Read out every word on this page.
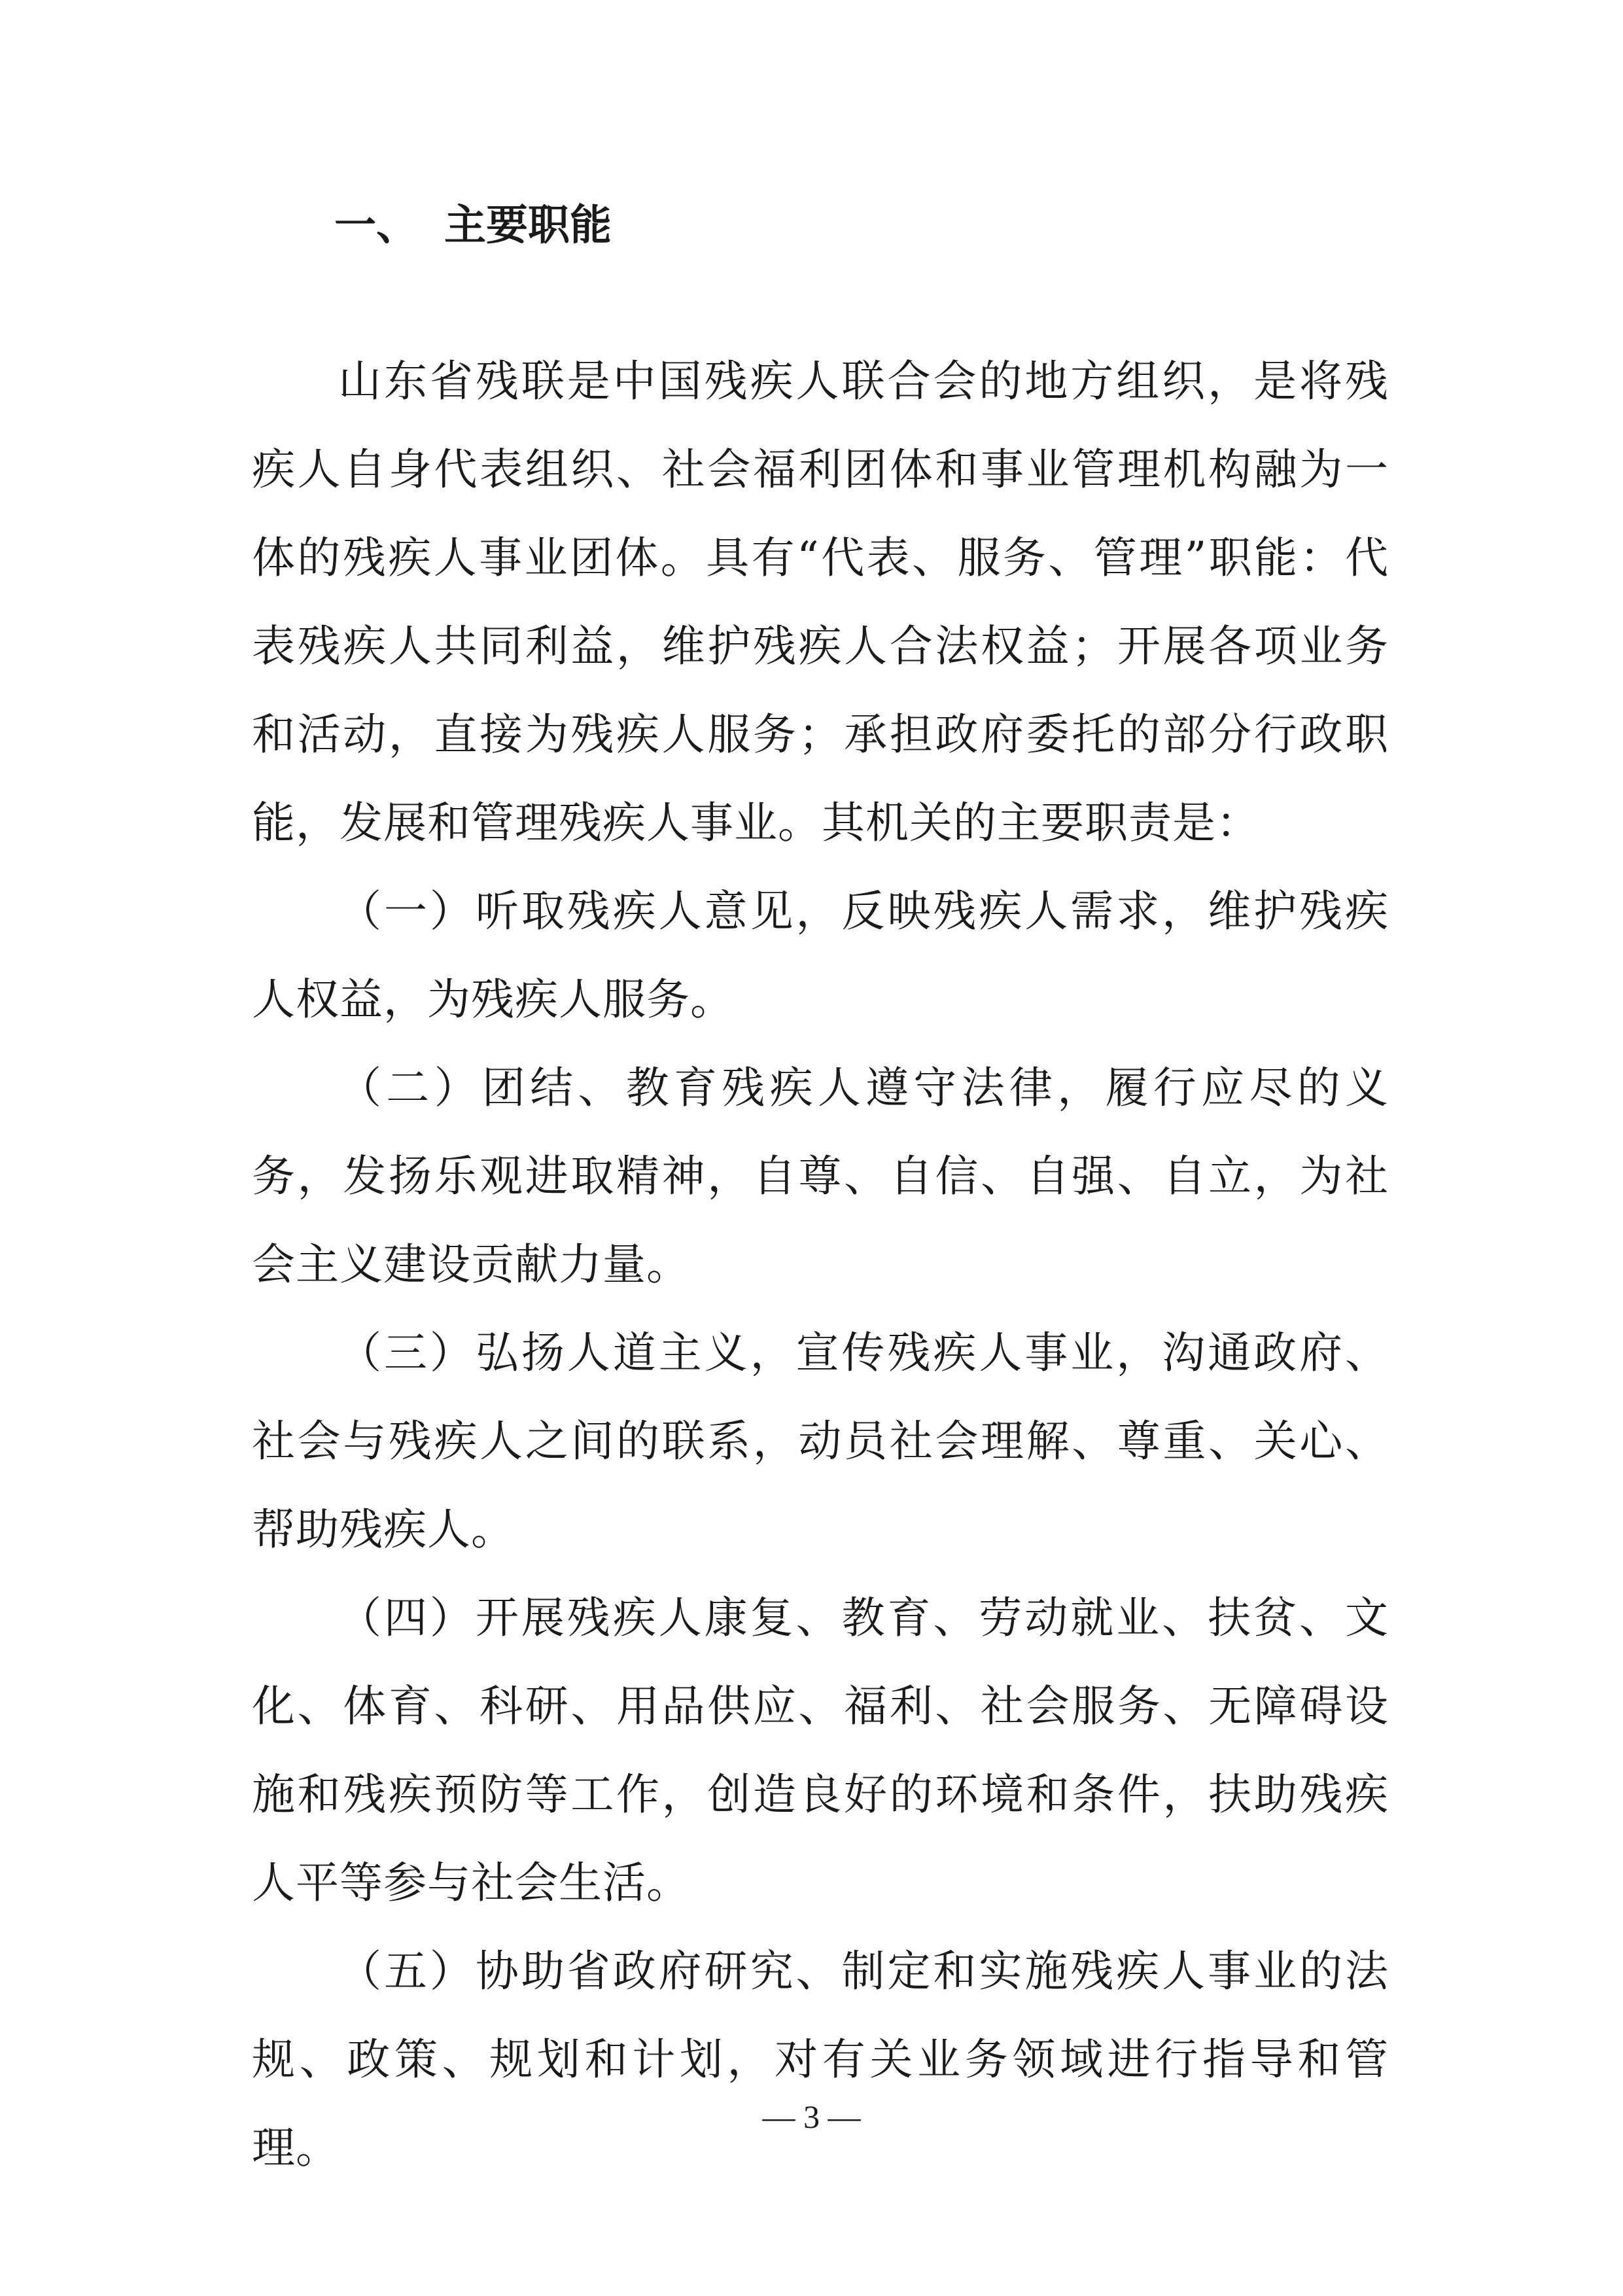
一、 主要职能

山东省残联是中国残疾人联合会的地方组织，是将残疾人自身代表组织、社会福利团体和事业管理机构融为一体的残疾人事业团体。具有“代表、服务、管理”职能：代表残疾人共同利益，维护残疾人合法权益；开展各项业务和活动，直接为残疾人服务；承担政府委托的部分行政职能，发展和管理残疾人事业。其机关的主要职责是：

（一）听取残疾人意见，反映残疾人需求，维护残疾人权益，为残疾人服务。

（二）团结、教育残疾人遵守法律，履行应尽的义务，发扬乐观进取精神，自尊、自信、自强、自立，为社会主义建设贡献力量。

（三）弘扬人道主义，宣传残疾人事业，沟通政府、社会与残疾人之间的联系，动员社会理解、尊重、关心、帮助残疾人。

（四）开展残疾人康复、教育、劳动就业、扶贫、文化、体育、科研、用品供应、福利、社会服务、无障碍设施和残疾预防等工作，创造良好的环境和条件，扶助残疾人平等参与社会生活。

（五）协助省政府研究、制定和实施残疾人事业的法规、政策、规划和计划，对有关业务领域进行指导和管理。

— 3 —
